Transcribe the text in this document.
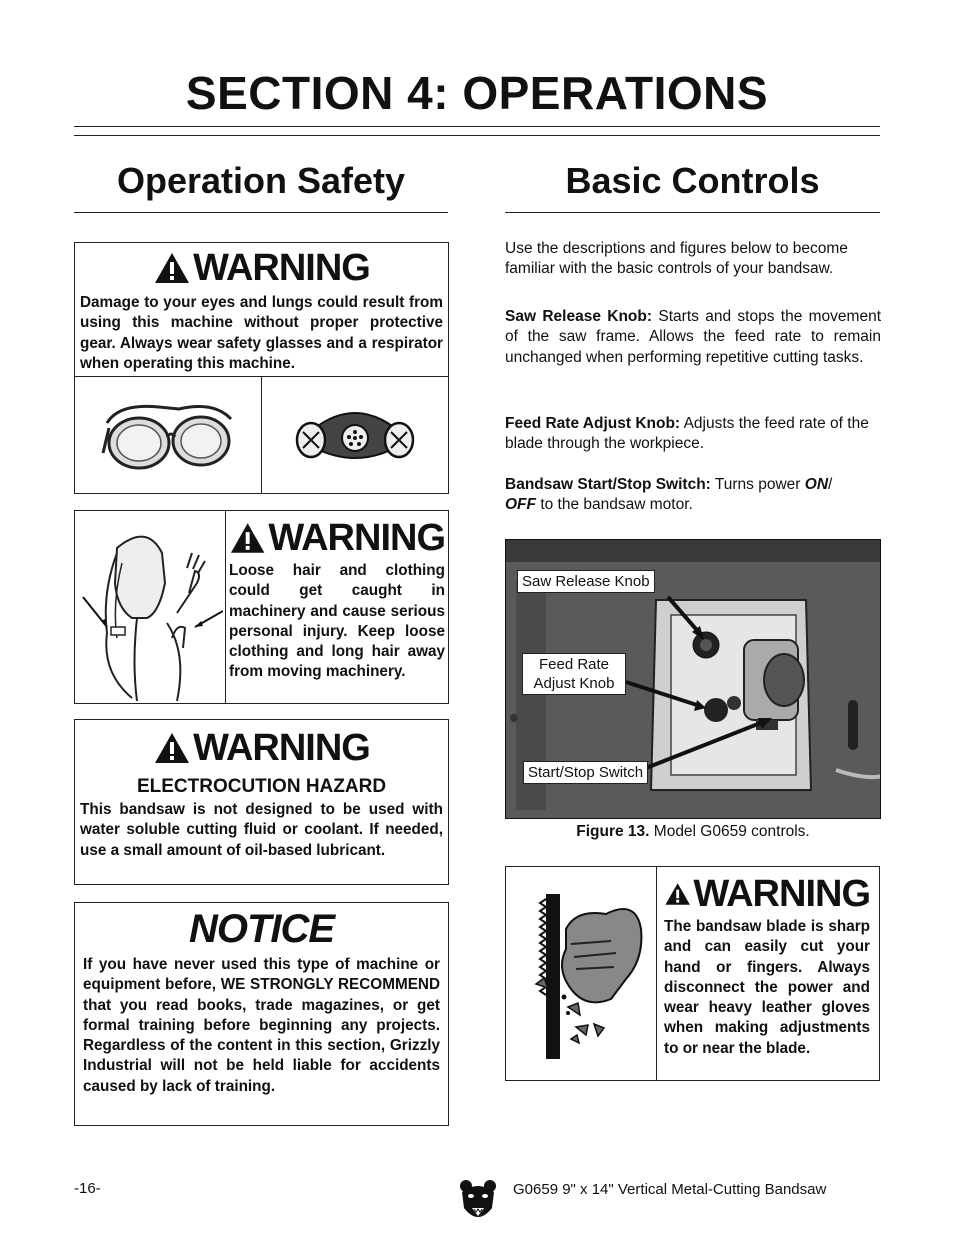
SECTION 4: OPERATIONS
Operation Safety
WARNING
Damage to your eyes and lungs could result from using this machine without proper protective gear. Always wear safety glasses and a respirator when operating this machine.
WARNING
Loose hair and clothing could get caught in machinery and cause serious personal injury. Keep loose clothing and long hair away from moving machinery.
WARNING
ELECTROCUTION HAZARD
This bandsaw is not designed to be used with water soluble cutting fluid or coolant. If needed, use a small amount of oil-based lubricant.
NOTICE
If you have never used this type of machine or equipment before, WE STRONGLY RECOMMEND that you read books, trade magazines, or get formal training before beginning any projects. Regardless of the content in this section, Grizzly Industrial will not be held liable for accidents caused by lack of training.
Basic Controls
Use the descriptions and figures below to become familiar with the basic controls of your bandsaw.
Saw Release Knob: Starts and stops the movement of the saw frame. Allows the feed rate to remain unchanged when performing repetitive cutting tasks.
Feed Rate Adjust Knob: Adjusts the feed rate of the blade through the workpiece.
Bandsaw Start/Stop Switch: Turns power ON/
OFF to the bandsaw motor.
Saw Release Knob
Feed Rate Adjust Knob
Start/Stop Switch
Figure 13. Model G0659 controls.
WARNING
The bandsaw blade is sharp and can easily cut your hand or fingers. Always disconnect the power and wear heavy leather gloves when making adjustments to or near the blade.
-16-	G0659 9" x 14" Vertical Metal-Cutting Bandsaw
